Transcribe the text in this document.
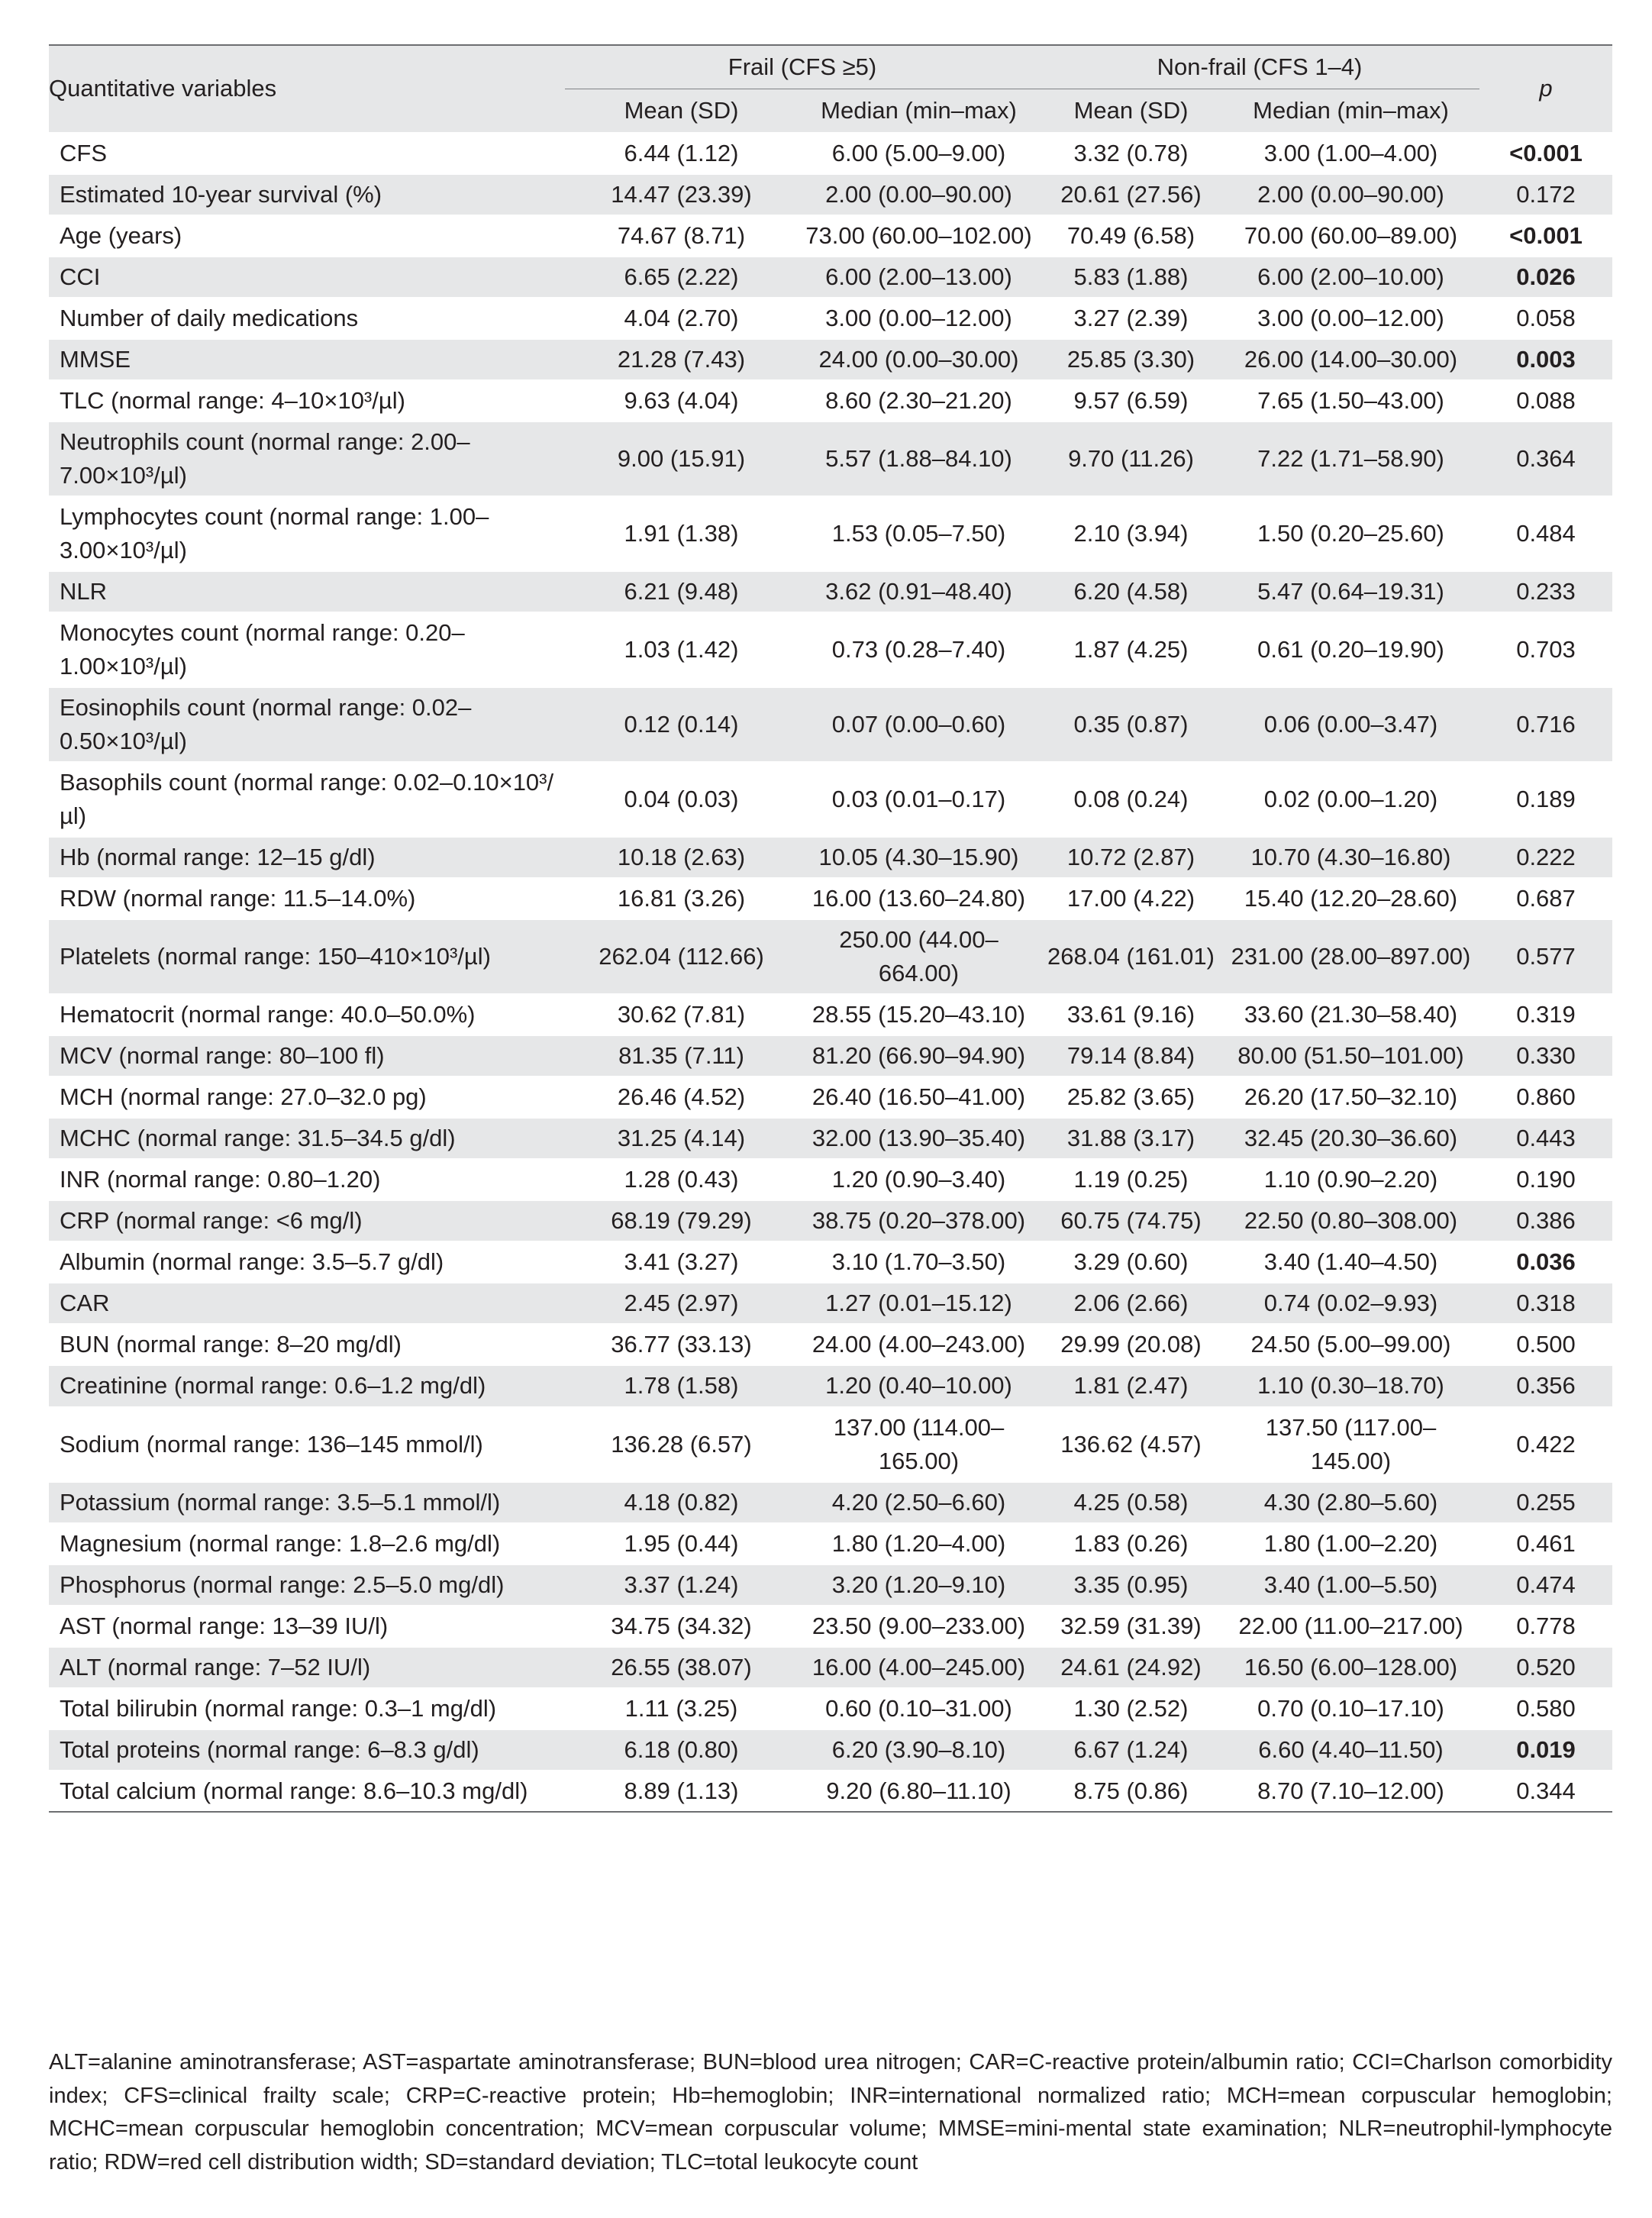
Quantitative variables	Frail (CFS ≥5)		Non-frail (CFS 1–4)		p
	Mean (SD)	Median (min–max)	Mean (SD)	Median (min–max)	
CFS	6.44 (1.12)	6.00 (5.00–9.00)	3.32 (0.78)	3.00 (1.00–4.00)	<0.001
Estimated 10-year survival (%)	14.47 (23.39)	2.00 (0.00–90.00)	20.61 (27.56)	2.00 (0.00–90.00)	0.172
Age (years)	74.67 (8.71)	73.00 (60.00–102.00)	70.49 (6.58)	70.00 (60.00–89.00)	<0.001
CCI	6.65 (2.22)	6.00 (2.00–13.00)	5.83 (1.88)	6.00 (2.00–10.00)	0.026
Number of daily medications	4.04 (2.70)	3.00 (0.00–12.00)	3.27 (2.39)	3.00 (0.00–12.00)	0.058
MMSE	21.28 (7.43)	24.00 (0.00–30.00)	25.85 (3.30)	26.00 (14.00–30.00)	0.003
TLC (normal range: 4–10×10³/µl)	9.63 (4.04)	8.60 (2.30–21.20)	9.57 (6.59)	7.65 (1.50–43.00)	0.088
Neutrophils count (normal range: 2.00–7.00×10³/µl)	9.00 (15.91)	5.57 (1.88–84.10)	9.70 (11.26)	7.22 (1.71–58.90)	0.364
Lymphocytes count (normal range: 1.00–3.00×10³/µl)	1.91 (1.38)	1.53 (0.05–7.50)	2.10 (3.94)	1.50 (0.20–25.60)	0.484
NLR	6.21 (9.48)	3.62 (0.91–48.40)	6.20 (4.58)	5.47 (0.64–19.31)	0.233
Monocytes count (normal range: 0.20–1.00×10³/µl)	1.03 (1.42)	0.73 (0.28–7.40)	1.87 (4.25)	0.61 (0.20–19.90)	0.703
Eosinophils count (normal range: 0.02–0.50×10³/µl)	0.12 (0.14)	0.07 (0.00–0.60)	0.35 (0.87)	0.06 (0.00–3.47)	0.716
Basophils count (normal range: 0.02–0.10×10³/µl)	0.04 (0.03)	0.03 (0.01–0.17)	0.08 (0.24)	0.02 (0.00–1.20)	0.189
Hb (normal range: 12–15 g/dl)	10.18 (2.63)	10.05 (4.30–15.90)	10.72 (2.87)	10.70 (4.30–16.80)	0.222
RDW (normal range: 11.5–14.0%)	16.81 (3.26)	16.00 (13.60–24.80)	17.00 (4.22)	15.40 (12.20–28.60)	0.687
Platelets (normal range: 150–410×10³/µl)	262.04 (112.66)	250.00 (44.00–664.00)	268.04 (161.01)	231.00 (28.00–897.00)	0.577
Hematocrit (normal range: 40.0–50.0%)	30.62 (7.81)	28.55 (15.20–43.10)	33.61 (9.16)	33.60 (21.30–58.40)	0.319
MCV (normal range: 80–100 fl)	81.35 (7.11)	81.20 (66.90–94.90)	79.14 (8.84)	80.00 (51.50–101.00)	0.330
MCH (normal range: 27.0–32.0 pg)	26.46 (4.52)	26.40 (16.50–41.00)	25.82 (3.65)	26.20 (17.50–32.10)	0.860
MCHC (normal range: 31.5–34.5 g/dl)	31.25 (4.14)	32.00 (13.90–35.40)	31.88 (3.17)	32.45 (20.30–36.60)	0.443
INR (normal range: 0.80–1.20)	1.28 (0.43)	1.20 (0.90–3.40)	1.19 (0.25)	1.10 (0.90–2.20)	0.190
CRP (normal range: <6 mg/l)	68.19 (79.29)	38.75 (0.20–378.00)	60.75 (74.75)	22.50 (0.80–308.00)	0.386
Albumin (normal range: 3.5–5.7 g/dl)	3.41 (3.27)	3.10 (1.70–3.50)	3.29 (0.60)	3.40 (1.40–4.50)	0.036
CAR	2.45 (2.97)	1.27 (0.01–15.12)	2.06 (2.66)	0.74 (0.02–9.93)	0.318
BUN (normal range: 8–20 mg/dl)	36.77 (33.13)	24.00 (4.00–243.00)	29.99 (20.08)	24.50 (5.00–99.00)	0.500
Creatinine (normal range: 0.6–1.2 mg/dl)	1.78 (1.58)	1.20 (0.40–10.00)	1.81 (2.47)	1.10 (0.30–18.70)	0.356
Sodium (normal range: 136–145 mmol/l)	136.28 (6.57)	137.00 (114.00–165.00)	136.62 (4.57)	137.50 (117.00–145.00)	0.422
Potassium (normal range: 3.5–5.1 mmol/l)	4.18 (0.82)	4.20 (2.50–6.60)	4.25 (0.58)	4.30 (2.80–5.60)	0.255
Magnesium (normal range: 1.8–2.6 mg/dl)	1.95 (0.44)	1.80 (1.20–4.00)	1.83 (0.26)	1.80 (1.00–2.20)	0.461
Phosphorus (normal range: 2.5–5.0 mg/dl)	3.37 (1.24)	3.20 (1.20–9.10)	3.35 (0.95)	3.40 (1.00–5.50)	0.474
AST (normal range: 13–39 IU/l)	34.75 (34.32)	23.50 (9.00–233.00)	32.59 (31.39)	22.00 (11.00–217.00)	0.778
ALT (normal range: 7–52 IU/l)	26.55 (38.07)	16.00 (4.00–245.00)	24.61 (24.92)	16.50 (6.00–128.00)	0.520
Total bilirubin (normal range: 0.3–1 mg/dl)	1.11 (3.25)	0.60 (0.10–31.00)	1.30 (2.52)	0.70 (0.10–17.10)	0.580
Total proteins (normal range: 6–8.3 g/dl)	6.18 (0.80)	6.20 (3.90–8.10)	6.67 (1.24)	6.60 (4.40–11.50)	0.019
Total calcium (normal range: 8.6–10.3 mg/dl)	8.89 (1.13)	9.20 (6.80–11.10)	8.75 (0.86)	8.70 (7.10–12.00)	0.344

ALT=alanine aminotransferase; AST=aspartate aminotransferase; BUN=blood urea nitrogen; CAR=C-reactive protein/albumin ratio; CCI=Charlson comorbidity index; CFS=clinical frailty scale; CRP=C-reactive protein; Hb=hemoglobin; INR=international normalized ratio; MCH=mean corpuscular hemoglobin; MCHC=mean corpuscular hemoglobin concentration; MCV=mean corpuscular volume; MMSE=mini-mental state examination; NLR=neutrophil-lymphocyte ratio; RDW=red cell distribution width; SD=standard deviation; TLC=total leukocyte count
